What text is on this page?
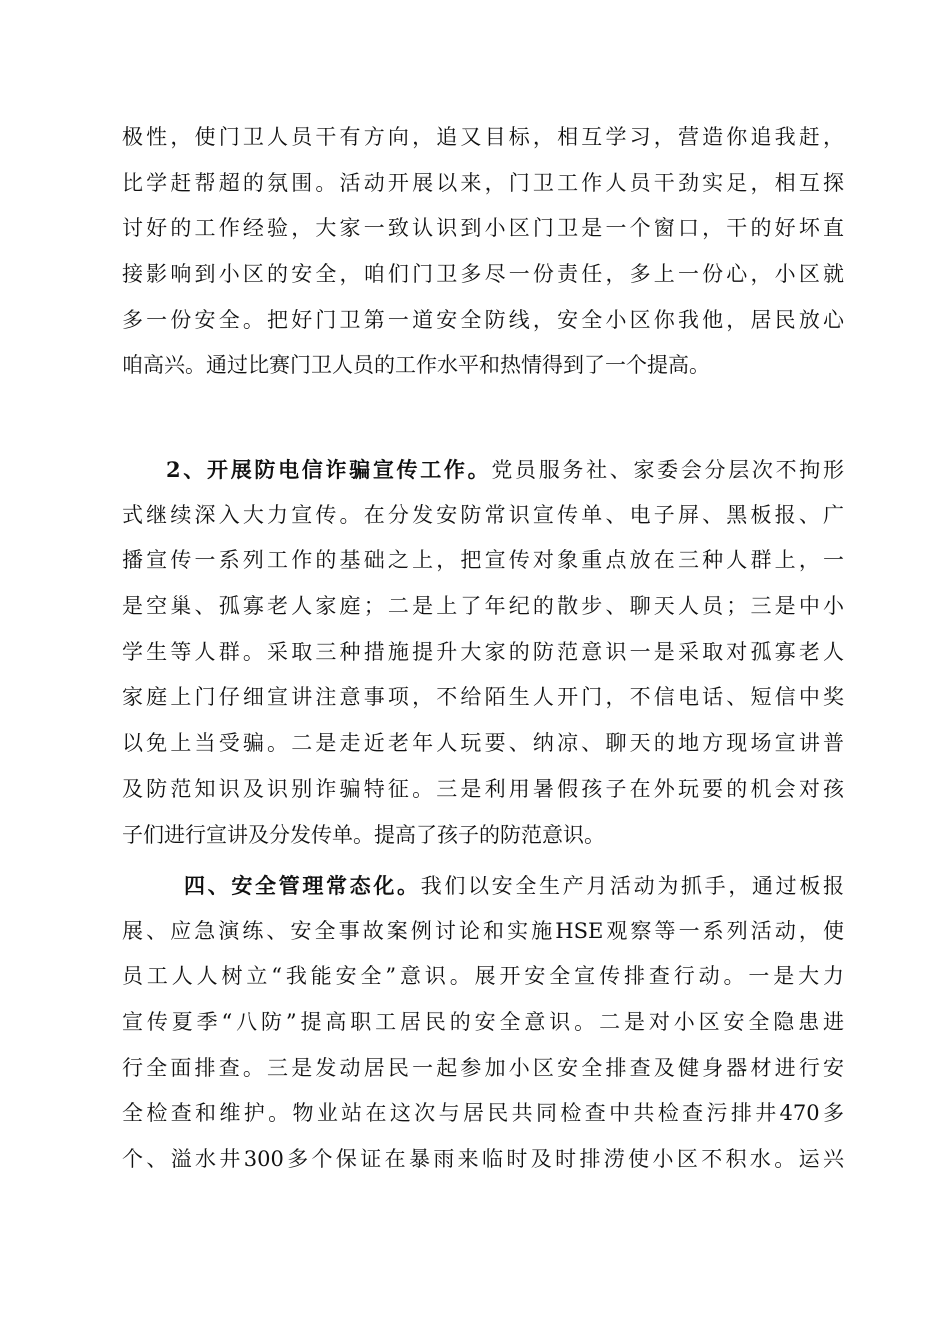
极性，使门卫人员干有方向，追又目标，相互学习，营造你追我赶，
比学赶帮超的氛围。活动开展以来，门卫工作人员干劲实足，相互探
讨好的工作经验，大家一致认识到小区门卫是一个窗口，干的好坏直
接影响到小区的安全，咱们门卫多尽一份责任，多上一份心，小区就
多一份安全。把好门卫第一道安全防线，安全小区你我他，居民放心
咱高兴。通过比赛门卫人员的工作水平和热情得到了一个提高。
2、开展防电信诈骗宣传工作。党员服务社、家委会分层次不拘形
式继续深入大力宣传。在分发安防常识宣传单、电子屏、黑板报、广
播宣传一系列工作的基础之上，把宣传对象重点放在三种人群上，一
是空巢、孤寡老人家庭；二是上了年纪的散步、聊天人员；三是中小
学生等人群。采取三种措施提升大家的防范意识一是采取对孤寡老人
家庭上门仔细宣讲注意事项，不给陌生人开门，不信电话、短信中奖
以免上当受骗。二是走近老年人玩要、纳凉、聊天的地方现场宣讲普
及防范知识及识别诈骗特征。三是利用暑假孩子在外玩要的机会对孩
子们进行宣讲及分发传单。提高了孩子的防范意识。
四、安全管理常态化。我们以安全生产月活动为抓手，通过板报
展、应急演练、安全事故案例讨论和实施HSE观察等一系列活动，使
员工人人树立“我能安全”意识。展开安全宣传排查行动。一是大力
宣传夏季“八防”提高职工居民的安全意识。二是对小区安全隐患进
行全面排查。三是发动居民一起参加小区安全排查及健身器材进行安
全检查和维护。物业站在这次与居民共同检查中共检查污排井470多
个、溢水井300多个保证在暴雨来临时及时排涝使小区不积水。运兴
